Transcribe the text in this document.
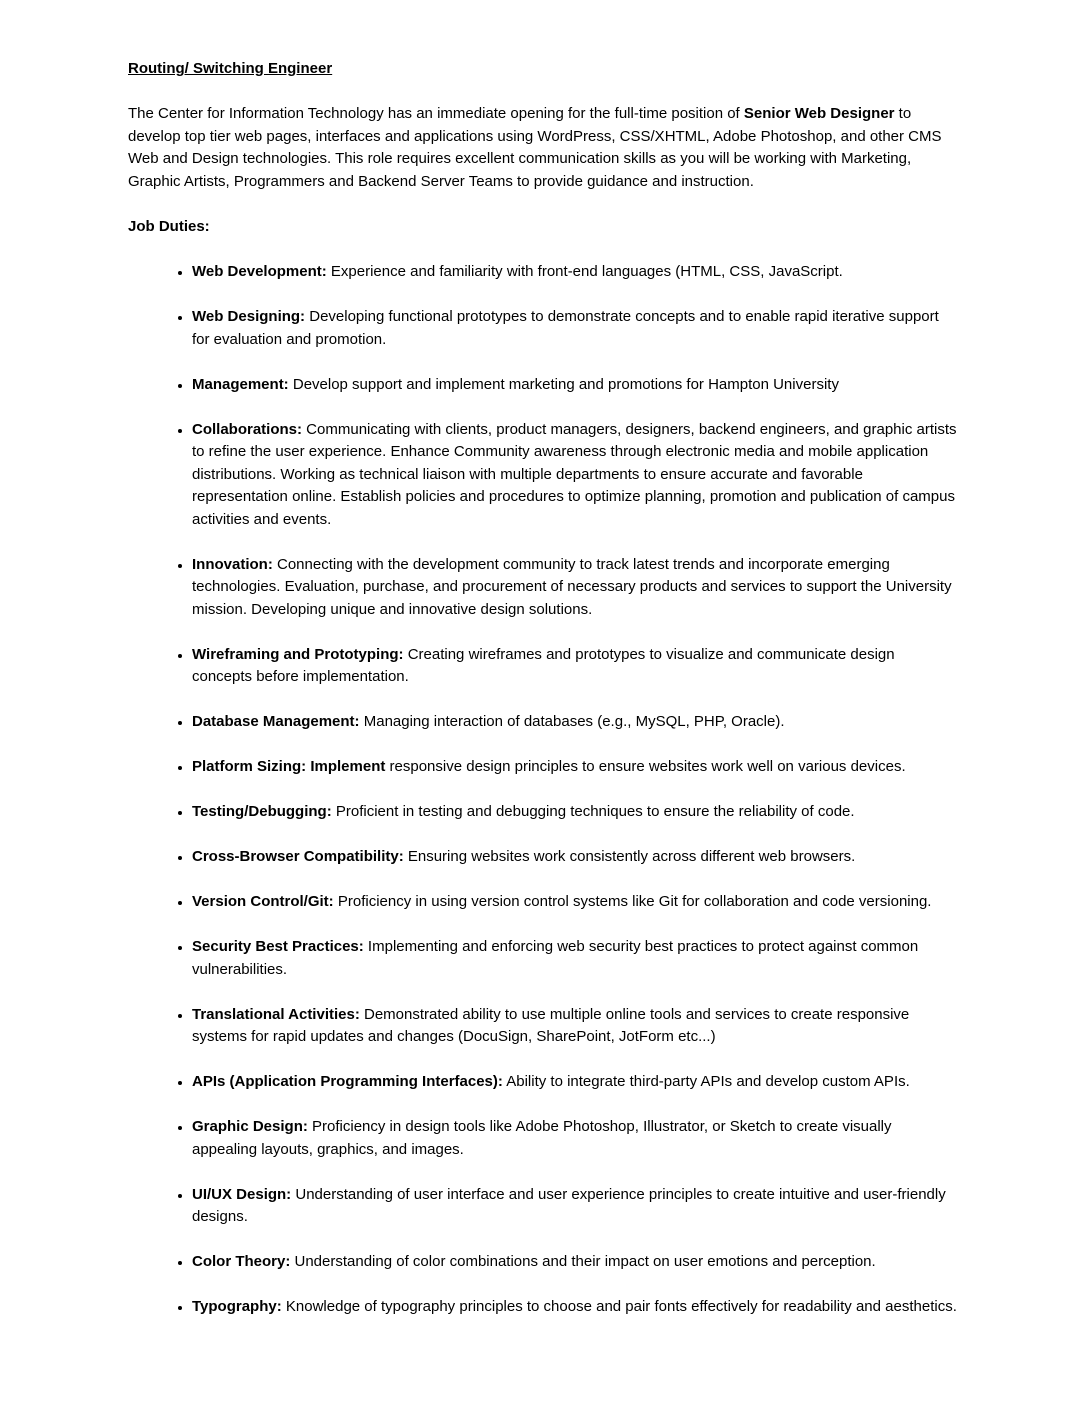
Routing/ Switching Engineer

The Center for Information Technology has an immediate opening for the full-time position of Senior Web Designer to develop top tier web pages, interfaces and applications using WordPress, CSS/XHTML, Adobe Photoshop, and other CMS Web and Design technologies. This role requires excellent communication skills as you will be working with Marketing, Graphic Artists, Programmers and Backend Server Teams to provide guidance and instruction.

Job Duties:
• Web Development: Experience and familiarity with front-end languages (HTML, CSS, JavaScript.
• Web Designing: Developing functional prototypes to demonstrate concepts and to enable rapid iterative support for evaluation and promotion.
• Management: Develop support and implement marketing and promotions for Hampton University
• Collaborations: Communicating with clients, product managers, designers, backend engineers, and graphic artists to refine the user experience. Enhance Community awareness through electronic media and mobile application distributions. Working as technical liaison with multiple departments to ensure accurate and favorable representation online. Establish policies and procedures to optimize planning, promotion and publication of campus activities and events.
• Innovation: Connecting with the development community to track latest trends and incorporate emerging technologies. Evaluation, purchase, and procurement of necessary products and services to support the University mission. Developing unique and innovative design solutions.
• Wireframing and Prototyping: Creating wireframes and prototypes to visualize and communicate design concepts before implementation.
• Database Management: Managing interaction of databases (e.g., MySQL, PHP, Oracle).
• Platform Sizing: Implement responsive design principles to ensure websites work well on various devices.
• Testing/Debugging: Proficient in testing and debugging techniques to ensure the reliability of code.
• Cross-Browser Compatibility: Ensuring websites work consistently across different web browsers.
• Version Control/Git: Proficiency in using version control systems like Git for collaboration and code versioning.
• Security Best Practices: Implementing and enforcing web security best practices to protect against common vulnerabilities.
• Translational Activities: Demonstrated ability to use multiple online tools and services to create responsive systems for rapid updates and changes (DocuSign, SharePoint, JotForm etc...)
• APIs (Application Programming Interfaces): Ability to integrate third-party APIs and develop custom APIs.
• Graphic Design: Proficiency in design tools like Adobe Photoshop, Illustrator, or Sketch to create visually appealing layouts, graphics, and images.
• UI/UX Design: Understanding of user interface and user experience principles to create intuitive and user-friendly designs.
• Color Theory: Understanding of color combinations and their impact on user emotions and perception.
• Typography: Knowledge of typography principles to choose and pair fonts effectively for readability and aesthetics.
